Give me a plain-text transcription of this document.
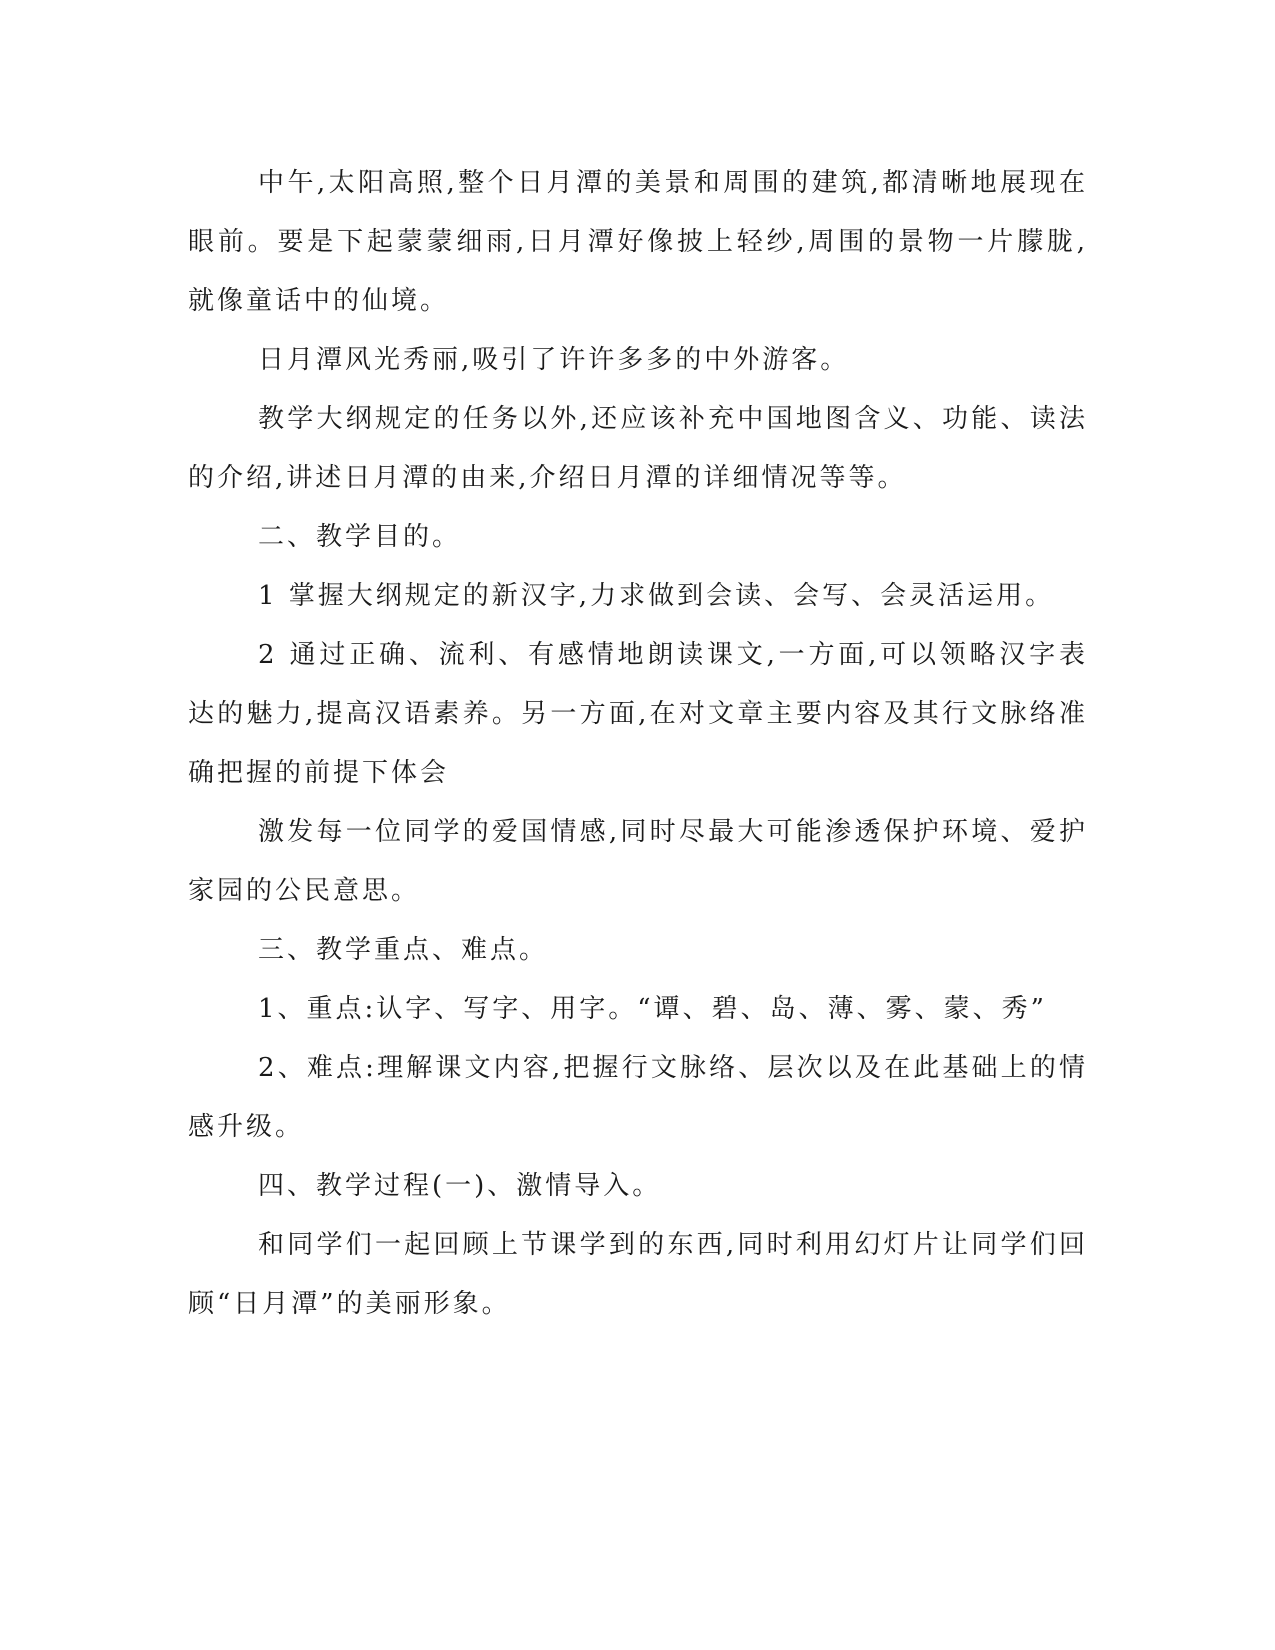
中午,太阳高照,整个日月潭的美景和周围的建筑,都清晰地展现在眼前。要是下起蒙蒙细雨,日月潭好像披上轻纱,周围的景物一片朦胧,就像童话中的仙境。

日月潭风光秀丽,吸引了许许多多的中外游客。

教学大纲规定的任务以外,还应该补充中国地图含义、功能、读法的介绍,讲述日月潭的由来,介绍日月潭的详细情况等等。

二、教学目的。

1 掌握大纲规定的新汉字,力求做到会读、会写、会灵活运用。

2 通过正确、流利、有感情地朗读课文,一方面,可以领略汉字表达的魅力,提高汉语素养。另一方面,在对文章主要内容及其行文脉络准确把握的前提下体会

激发每一位同学的爱国情感,同时尽最大可能渗透保护环境、爱护家园的公民意思。

三、教学重点、难点。

1、重点:认字、写字、用字。“谭、碧、岛、薄、雾、蒙、秀”

2、难点:理解课文内容,把握行文脉络、层次以及在此基础上的情感升级。

四、教学过程(一)、激情导入。

和同学们一起回顾上节课学到的东西,同时利用幻灯片让同学们回顾“日月潭”的美丽形象。
